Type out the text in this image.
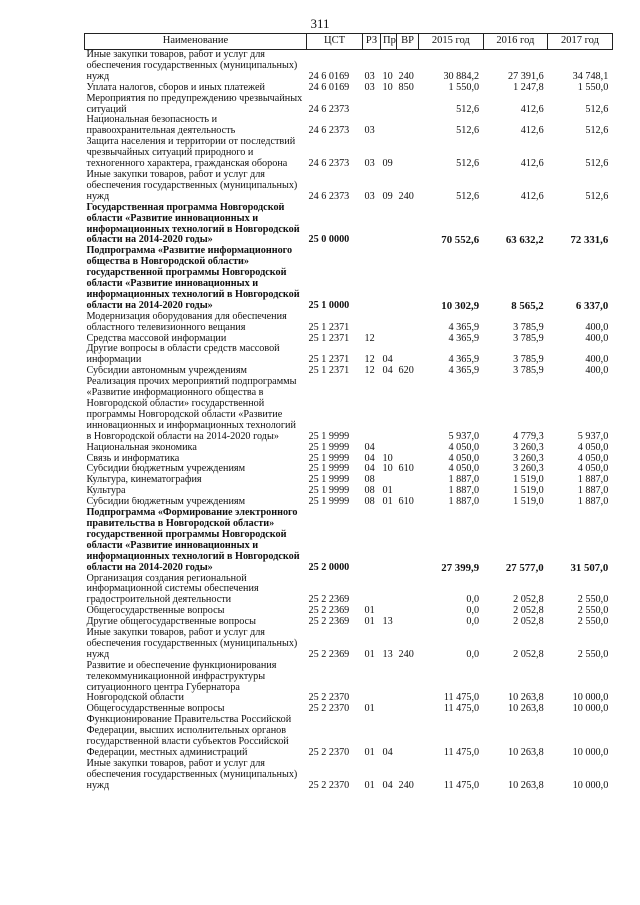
311
Наименование	ЦСТ	РЗ	Пр	ВР	2015 год	2016 год	2017 год
Иные закупки товаров, работ и услуг для обеспечения государственных (муниципальных) нужд	24 6 0169	03	10	240	30 884,2	27 391,6	34 748,1
Уплата налогов, сборов и иных платежей	24 6 0169	03	10	850	1 550,0	1 247,8	1 550,0
Мероприятия по предупреждению чрезвычайных ситуаций	24 6 2373				512,6	412,6	512,6
Национальная безопасность и правоохранительная деятельность	24 6 2373	03			512,6	412,6	512,6
Защита населения и территории от последствий чрезвычайных ситуаций природного и техногенного характера, гражданская оборона	24 6 2373	03	09		512,6	412,6	512,6
Иные закупки товаров, работ и услуг для обеспечения государственных (муниципальных) нужд	24 6 2373	03	09	240	512,6	412,6	512,6
Государственная программа Новгородской области «Развитие инновационных и информационных технологий в Новгородской области на 2014-2020 годы»	25 0 0000				70 552,6	63 632,2	72 331,6
Подпрограмма «Развитие информационного общества в Новгородской области» государственной программы Новгородской области «Развитие инновационных и информационных технологий в Новгородской области на 2014-2020 годы»	25 1 0000				10 302,9	8 565,2	6 337,0
Модернизация оборудования для обеспечения областного телевизионного вещания	25 1 2371				4 365,9	3 785,9	400,0
Средства массовой информации	25 1 2371	12			4 365,9	3 785,9	400,0
Другие вопросы в области средств массовой информации	25 1 2371	12	04		4 365,9	3 785,9	400,0
Субсидии автономным учреждениям	25 1 2371	12	04	620	4 365,9	3 785,9	400,0
Реализация прочих мероприятий подпрограммы «Развитие информационного общества в Новгородской области» государственной программы Новгородской области «Развитие инновационных и информационных технологий в Новгородской области на 2014-2020 годы»	25 1 9999				5 937,0	4 779,3	5 937,0
Национальная экономика	25 1 9999	04			4 050,0	3 260,3	4 050,0
Связь и информатика	25 1 9999	04	10		4 050,0	3 260,3	4 050,0
Субсидии бюджетным учреждениям	25 1 9999	04	10	610	4 050,0	3 260,3	4 050,0
Культура, кинематография	25 1 9999	08			1 887,0	1 519,0	1 887,0
Культура	25 1 9999	08	01		1 887,0	1 519,0	1 887,0
Субсидии бюджетным учреждениям	25 1 9999	08	01	610	1 887,0	1 519,0	1 887,0
Подпрограмма «Формирование электронного правительства в Новгородской области» государственной программы Новгородской области «Развитие инновационных и информационных технологий в Новгородской области на 2014-2020 годы»	25 2 0000				27 399,9	27 577,0	31 507,0
Организация создания региональной информационной системы обеспечения градостроительной деятельности	25 2 2369				0,0	2 052,8	2 550,0
Общегосударственные вопросы	25 2 2369	01			0,0	2 052,8	2 550,0
Другие общегосударственные вопросы	25 2 2369	01	13		0,0	2 052,8	2 550,0
Иные закупки товаров, работ и услуг для обеспечения государственных (муниципальных) нужд	25 2 2369	01	13	240	0,0	2 052,8	2 550,0
Развитие и обеспечение функционирования телекоммуникационной инфраструктуры ситуационного центра Губернатора Новгородской области	25 2 2370				11 475,0	10 263,8	10 000,0
Общегосударственные вопросы	25 2 2370	01			11 475,0	10 263,8	10 000,0
Функционирование Правительства Российской Федерации, высших исполнительных органов государственной власти субъектов Российской Федерации, местных администраций	25 2 2370	01	04		11 475,0	10 263,8	10 000,0
Иные закупки товаров, работ и услуг для обеспечения государственных (муниципальных) нужд	25 2 2370	01	04	240	11 475,0	10 263,8	10 000,0
